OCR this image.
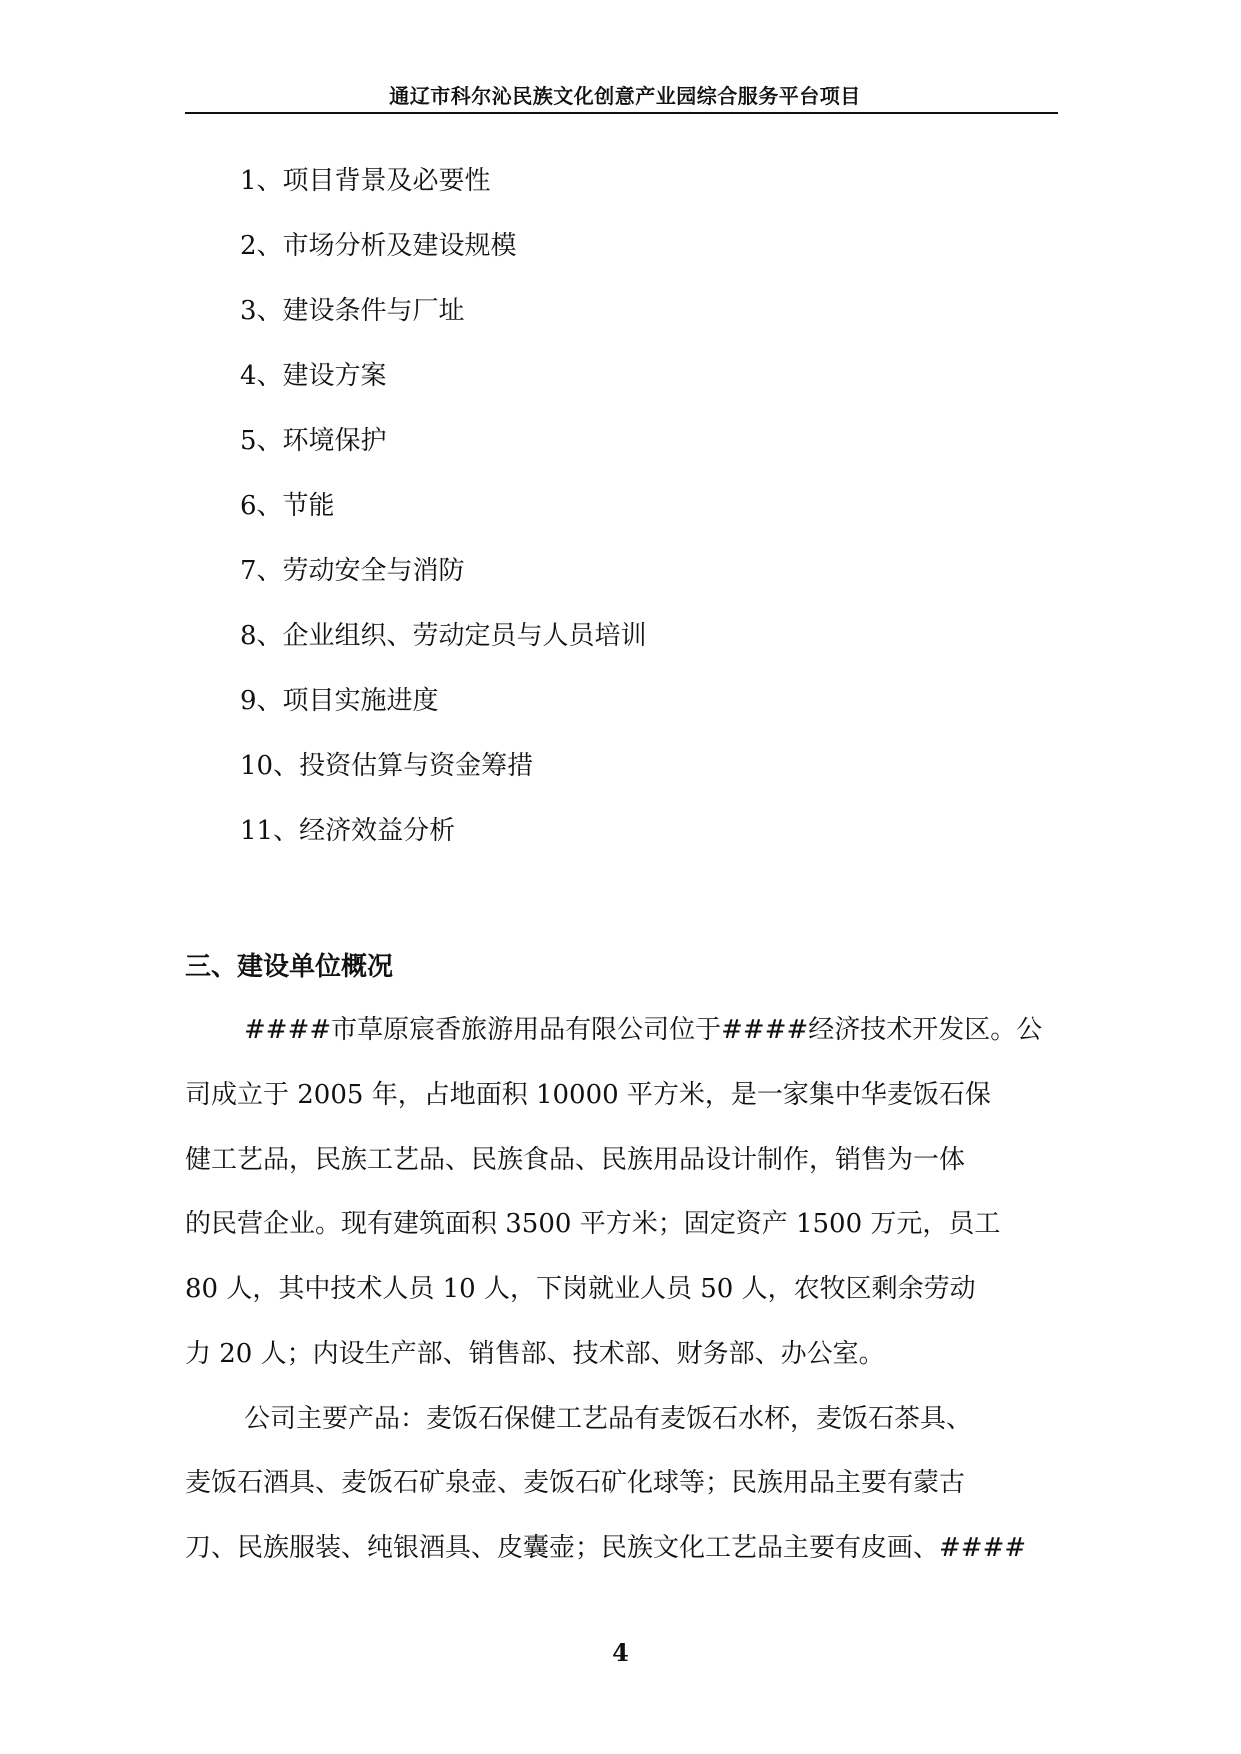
通辽市科尔沁民族文化创意产业园综合服务平台项目
1、项目背景及必要性
2、市场分析及建设规模
3、建设条件与厂址
4、建设方案
5、环境保护
6、节能
7、劳动安全与消防
8、企业组织、劳动定员与人员培训
9、项目实施进度
10、投资估算与资金筹措
11、经济效益分析
三、建设单位概况
####市草原宸香旅游用品有限公司位于####经济技术开发区。公
司成立于 2005 年，占地面积 10000 平方米，是一家集中华麦饭石保
健工艺品，民族工艺品、民族食品、民族用品设计制作，销售为一体
的民营企业。现有建筑面积 3500 平方米；固定资产 1500 万元，员工
80 人，其中技术人员 10 人，下岗就业人员 50 人，农牧区剩余劳动
力 20 人；内设生产部、销售部、技术部、财务部、办公室。
公司主要产品：麦饭石保健工艺品有麦饭石水杯，麦饭石茶具、
麦饭石酒具、麦饭石矿泉壶、麦饭石矿化球等；民族用品主要有蒙古
刀、民族服装、纯银酒具、皮囊壶；民族文化工艺品主要有皮画、####
4
